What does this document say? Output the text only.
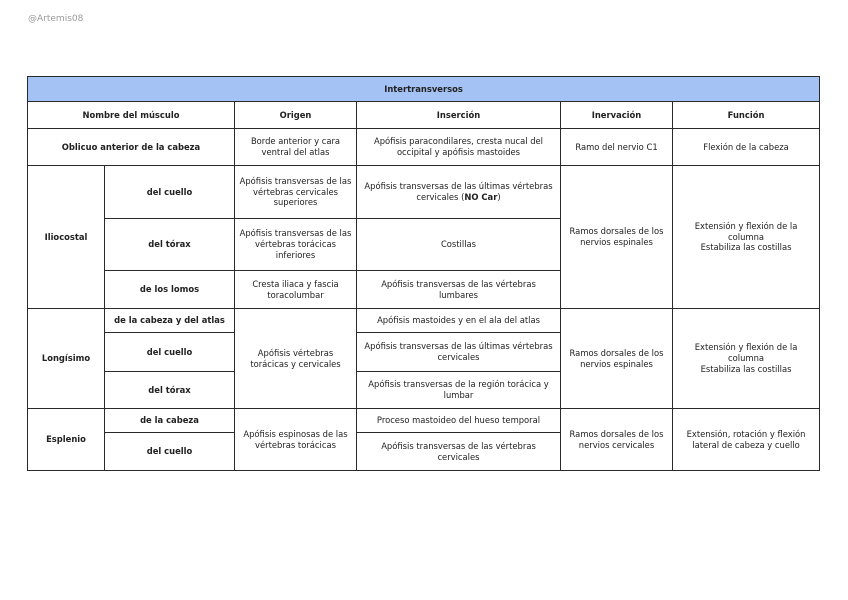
@Artemis08
Intertransversos					
Nombre del músculo		Origen	Inserción	Inervación	Función
Oblicuo anterior de la cabeza		Borde anterior y cara ventral del atlas	Apófisis paracondilares, cresta nucal del occipital y apófisis mastoides	Ramo del nervio C1	Flexión de la cabeza
Iliocostal	del cuello	Apófisis transversas de las vértebras cervicales superiores	Apófisis transversas de las últimas vértebras cervicales (NO Car)	Ramos dorsales de los nervios espinales	Extensión y flexión de la columna
Estabiliza las costillas

	del tórax	Apófisis transversas de las vértebras torácicas inferiores	Costillas		
	de los lomos	Cresta iliaca y fascia toracolumbar	Apófisis transversas de las vértebras lumbares		
Longísimo	de la cabeza y del atlas	Apófisis vértebras torácicas y cervicales	Apófisis mastoides y en el ala del atlas	Ramos dorsales de los nervios espinales	Extensión y flexión de la columna
Estabiliza las costillas

	del cuello		Apófisis transversas de las últimas vértebras cervicales		
	del tórax		Apófisis transversas de la región torácica y lumbar		
Esplenio	de la cabeza	Apófisis espinosas de las vértebras torácicas	Proceso mastoideo del hueso temporal	Ramos dorsales de los nervios cervicales	Extensión, rotación y flexión lateral de cabeza y cuello
	del cuello		Apófisis transversas de las vértebras cervicales		
